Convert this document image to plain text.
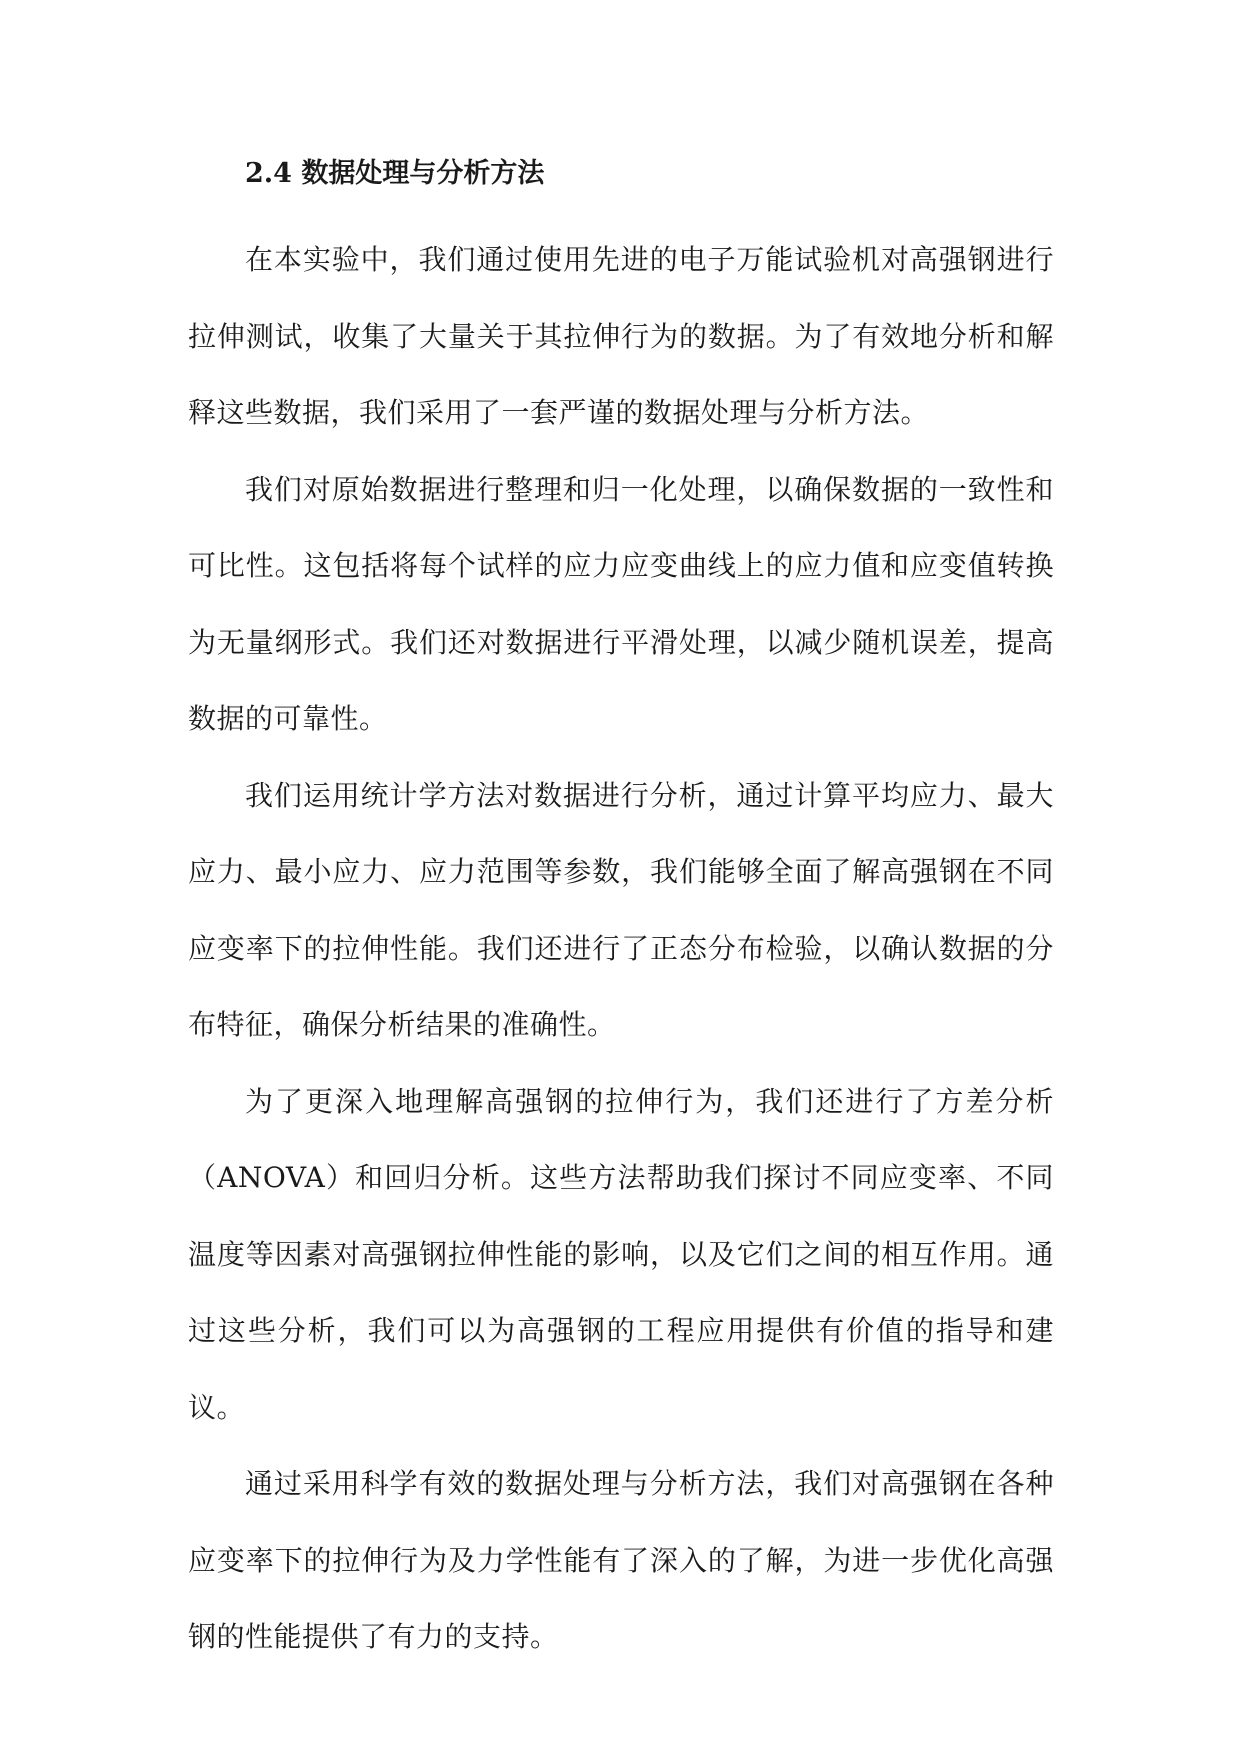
2.4 数据处理与分析方法

在本实验中，我们通过使用先进的电子万能试验机对高强钢进行拉伸测试，收集了大量关于其拉伸行为的数据。为了有效地分析和解释这些数据，我们采用了一套严谨的数据处理与分析方法。

我们对原始数据进行整理和归一化处理，以确保数据的一致性和可比性。这包括将每个试样的应力应变曲线上的应力值和应变值转换为无量纲形式。我们还对数据进行平滑处理，以减少随机误差，提高数据的可靠性。

我们运用统计学方法对数据进行分析，通过计算平均应力、最大应力、最小应力、应力范围等参数，我们能够全面了解高强钢在不同应变率下的拉伸性能。我们还进行了正态分布检验，以确认数据的分布特征，确保分析结果的准确性。

为了更深入地理解高强钢的拉伸行为，我们还进行了方差分析（ANOVA）和回归分析。这些方法帮助我们探讨不同应变率、不同温度等因素对高强钢拉伸性能的影响，以及它们之间的相互作用。通过这些分析，我们可以为高强钢的工程应用提供有价值的指导和建议。

通过采用科学有效的数据处理与分析方法，我们对高强钢在各种应变率下的拉伸行为及力学性能有了深入的了解，为进一步优化高强钢的性能提供了有力的支持。
